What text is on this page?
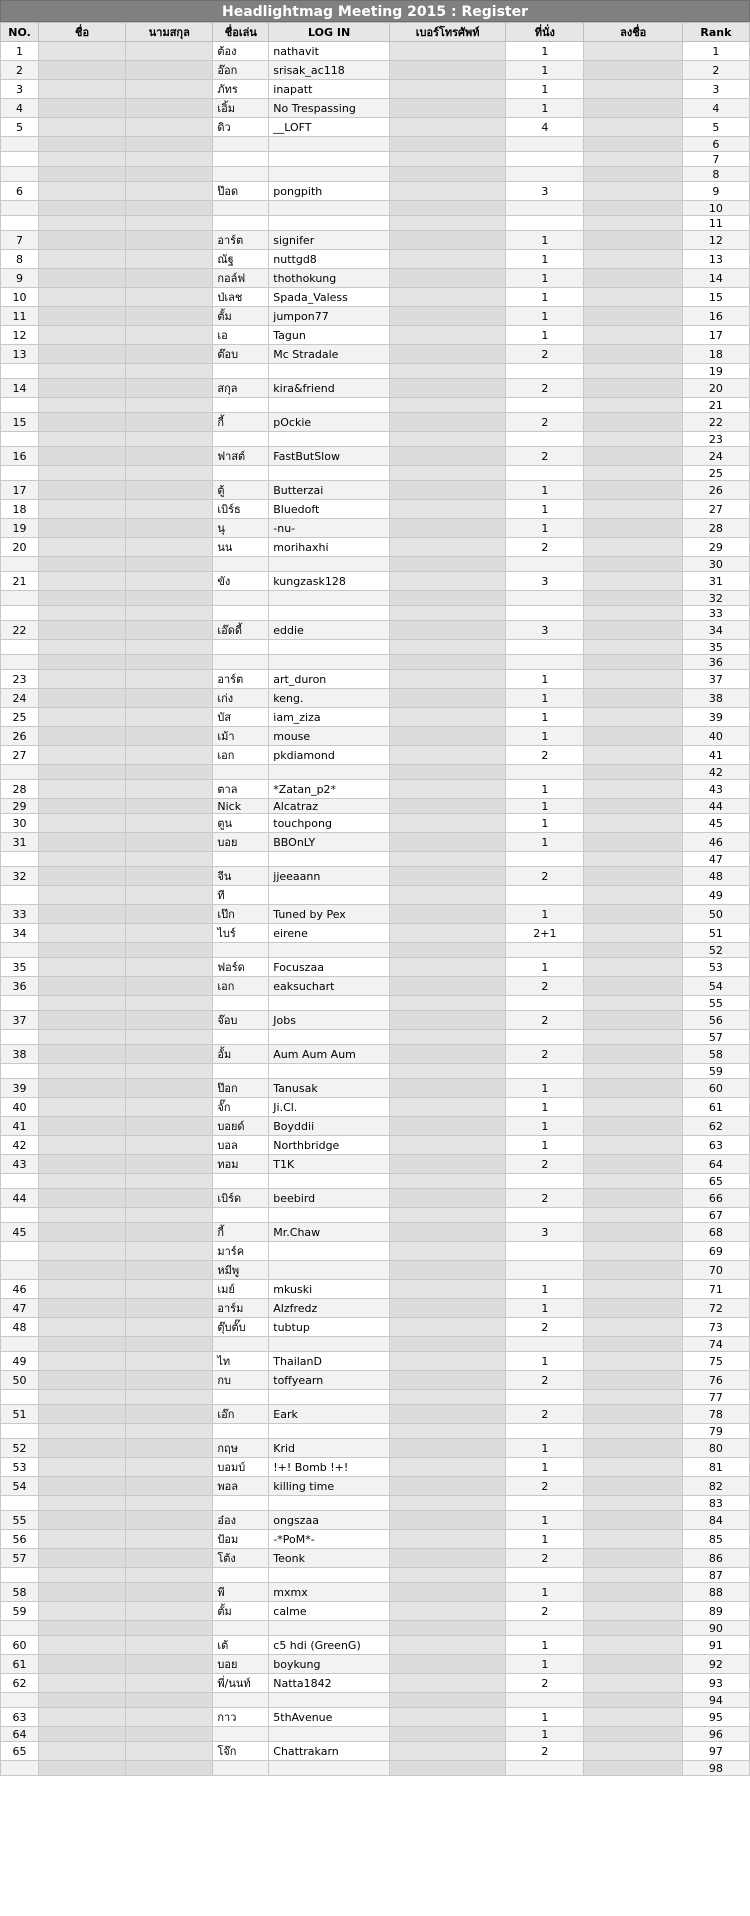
Headlightmag Meeting 2015 : Register
NO.	ชื่อ	นามสกุล	ชื่อเล่น	LOG IN	เบอร์โทรศัพท์	ที่นั่ง	ลงชื่อ	Rank
1			ต้อง	nathavit		1		1
2			อ๊อก	srisak_ac118		1		2
3			ภัทร	inapatt		1		3
4			เอิ้ม	No Trespassing		1		4
5			ดิว	__LOFT		4		5
								6
								7
								8
6			ป๊อด	pongpith		3		9
								10
								11
7			อาร์ต	signifer		1		12
8			ณัฐ	nuttgd8		1		13
9			กอล์ฟ	thothokung		1		14
10			ป่เลช	Spada_Valess		1		15
11			ตั้ม	jumpon77		1		16
12			เอ	Tagun		1		17
13			ต๊อบ	Mc Stradale		2		18
								19
14			สกุล	kira&friend		2		20
								21
15			กี้	pOckie		2		22
								23
16			ฟาสต์	FastButSlow		2		24
								25
17			ตู้	Butterzai		1		26
18			เบิร์ธ	Bluedoft		1		27
19			นุ	-nu-		1		28
20			นน	morihaxhi		2		29
								30
21			ขัง	kungzask128		3		31
								32
								33
22			เอ๊ดดี้	eddie		3		34
								35
								36
23			อาร์ต	art_duron		1		37
24			เก่ง	keng.		1		38
25			บัส	iam_ziza		1		39
26			เม้า	mouse		1		40
27			เอก	pkdiamond		2		41
								42
28			ตาล	*Zatan_p2*		1		43
29			Nick	Alcatraz		1		44
30			ตูน	touchpong		1		45
31			บอย	BBOnLY		1		46
								47
32			จีน	jjeeaann		2		48
			ที					49
33			เป๊ก	Tuned by Pex		1		50
34			ไบร์	eirene		2+1		51
								52
35			ฟอร์ด	Focuszaa		1		53
36			เอก	eaksuchart		2		54
								55
37			จ๊อบ	Jobs		2		56
								57
38			อั้ม	Aum Aum Aum		2		58
								59
39			ป๊อก	Tanusak		1		60
40			จั๊ก	Ji.Cl.		1		61
41			บอยด์	Boyddii		1		62
42			บอล	Northbridge		1		63
43			ทอม	T1K		2		64
								65
44			เบิร์ด	beebird		2		66
								67
45			กี้	Mr.Chaw		3		68
			มาร์ค					69
			หมีพู					70
46			เมย์	mkuski		1		71
47			อาร์ม	Alzfredz		1		72
48			ตุ๊บตั๊บ	tubtup		2		73
								74
49			ไท	ThailanD		1		75
50			กบ	toffyearn		2		76
								77
51			เอ๊ก	Eark		2		78
								79
52			กฤษ	Krid		1		80
53			บอมบ์	!+! Bomb !+!		1		81
54			พอล	killing time		2		82
								83
55			อ๋อง	ongszaa		1		84
56			ป้อม	-*PoM*-		1		85
57			โต้ง	Teonk		2		86
								87
58			พี	mxmx		1		88
59			ตั้ม	calme		2		89
								90
60			เต้	c5 hdi (GreenG)		1		91
61			บอย	boykung		1		92
62			พี่/นนท์	Natta1842		2		93
								94
63			กาว	5thAvenue		1		95
64						1		96
65			โจ๊ก	Chattrakarn		2		97
								98
